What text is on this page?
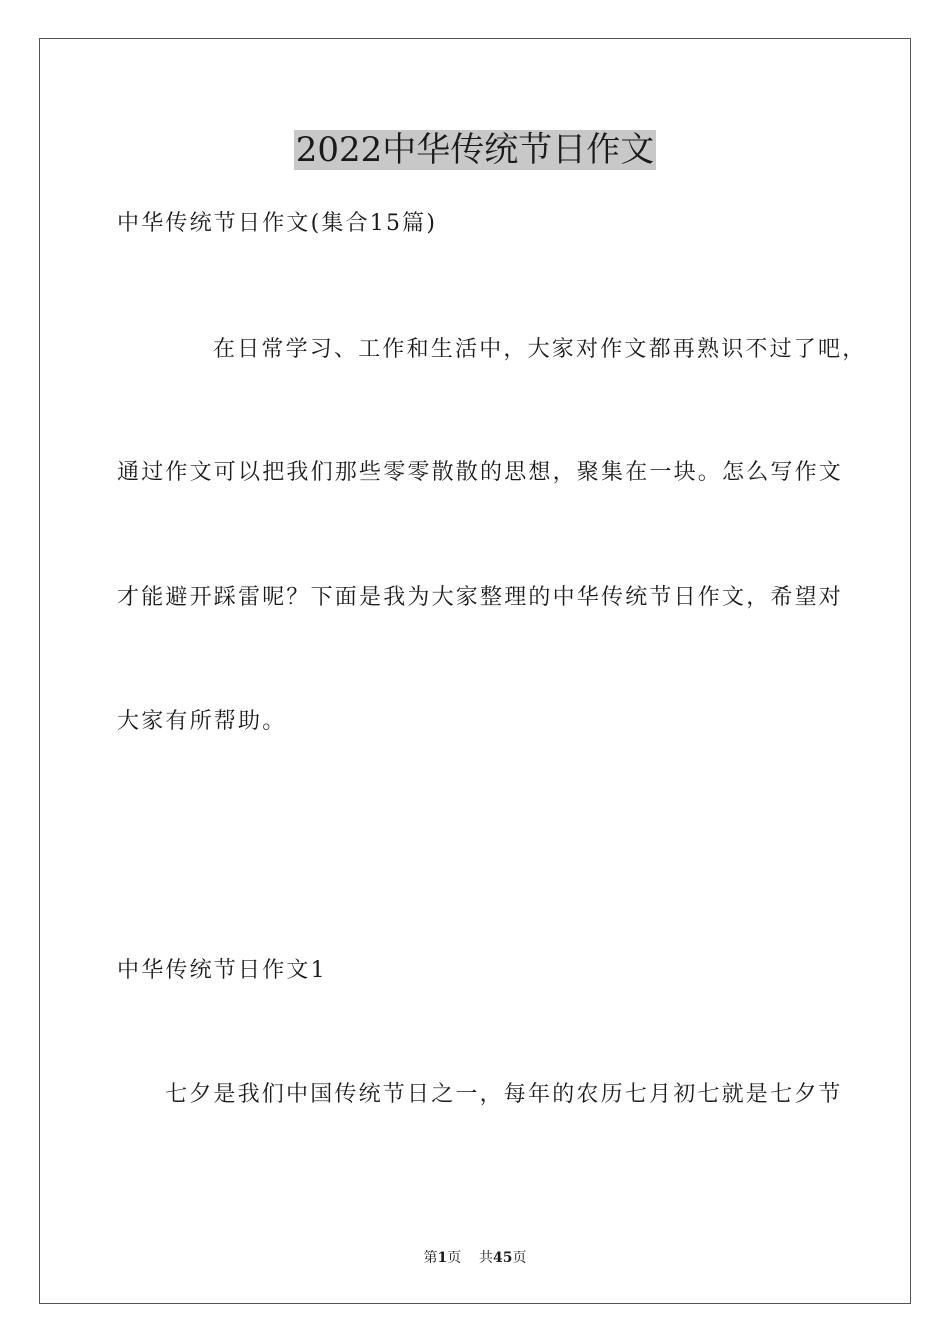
2022中华传统节日作文

中华传统节日作文(集合15篇)

在日常学习、工作和生活中，大家对作文都再熟识不过了吧，

通过作文可以把我们那些零零散散的思想，聚集在一块。怎么写作文

才能避开踩雷呢？下面是我为大家整理的中华传统节日作文，希望对

大家有所帮助。

中华传统节日作文1

七夕是我们中国传统节日之一，每年的农历七月初七就是七夕节

第1页 共45页
